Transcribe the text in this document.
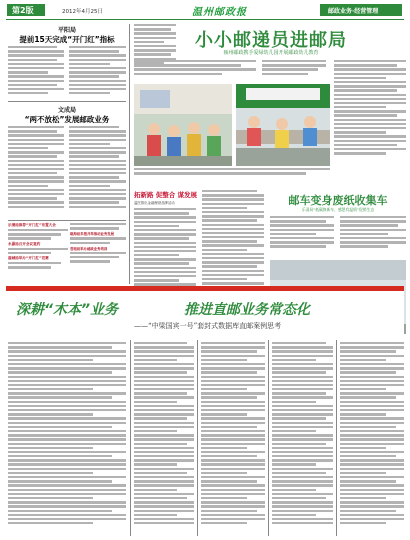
第2版	2012年4月25日	温州邮政报	邮政业务·经营管理
平阳局
提前15天完成“开门红”指标
文成局
“两不放松”发展邮政业务
乐清局推荐“开门红”布置大会
永嘉局召开会议签约
鹿城局举办“开门红”竞赛
瓯海局多措并举推动业务发展
苍南局举办邮政业务培训
小小邮递员进邮局
瓯州邮政携手爱绿幼儿园开展邮政幼儿教育
拓新路 促整合 谋发展
温医推出金融理财品牌活动	邮车变身废纸收集车
乐清局“低碳换新车，感恩有温情”促销生态
深耕“木本”业务	推进直邮业务常态化
——“中梁国宾一号”套封式数据库直邮案例思考
